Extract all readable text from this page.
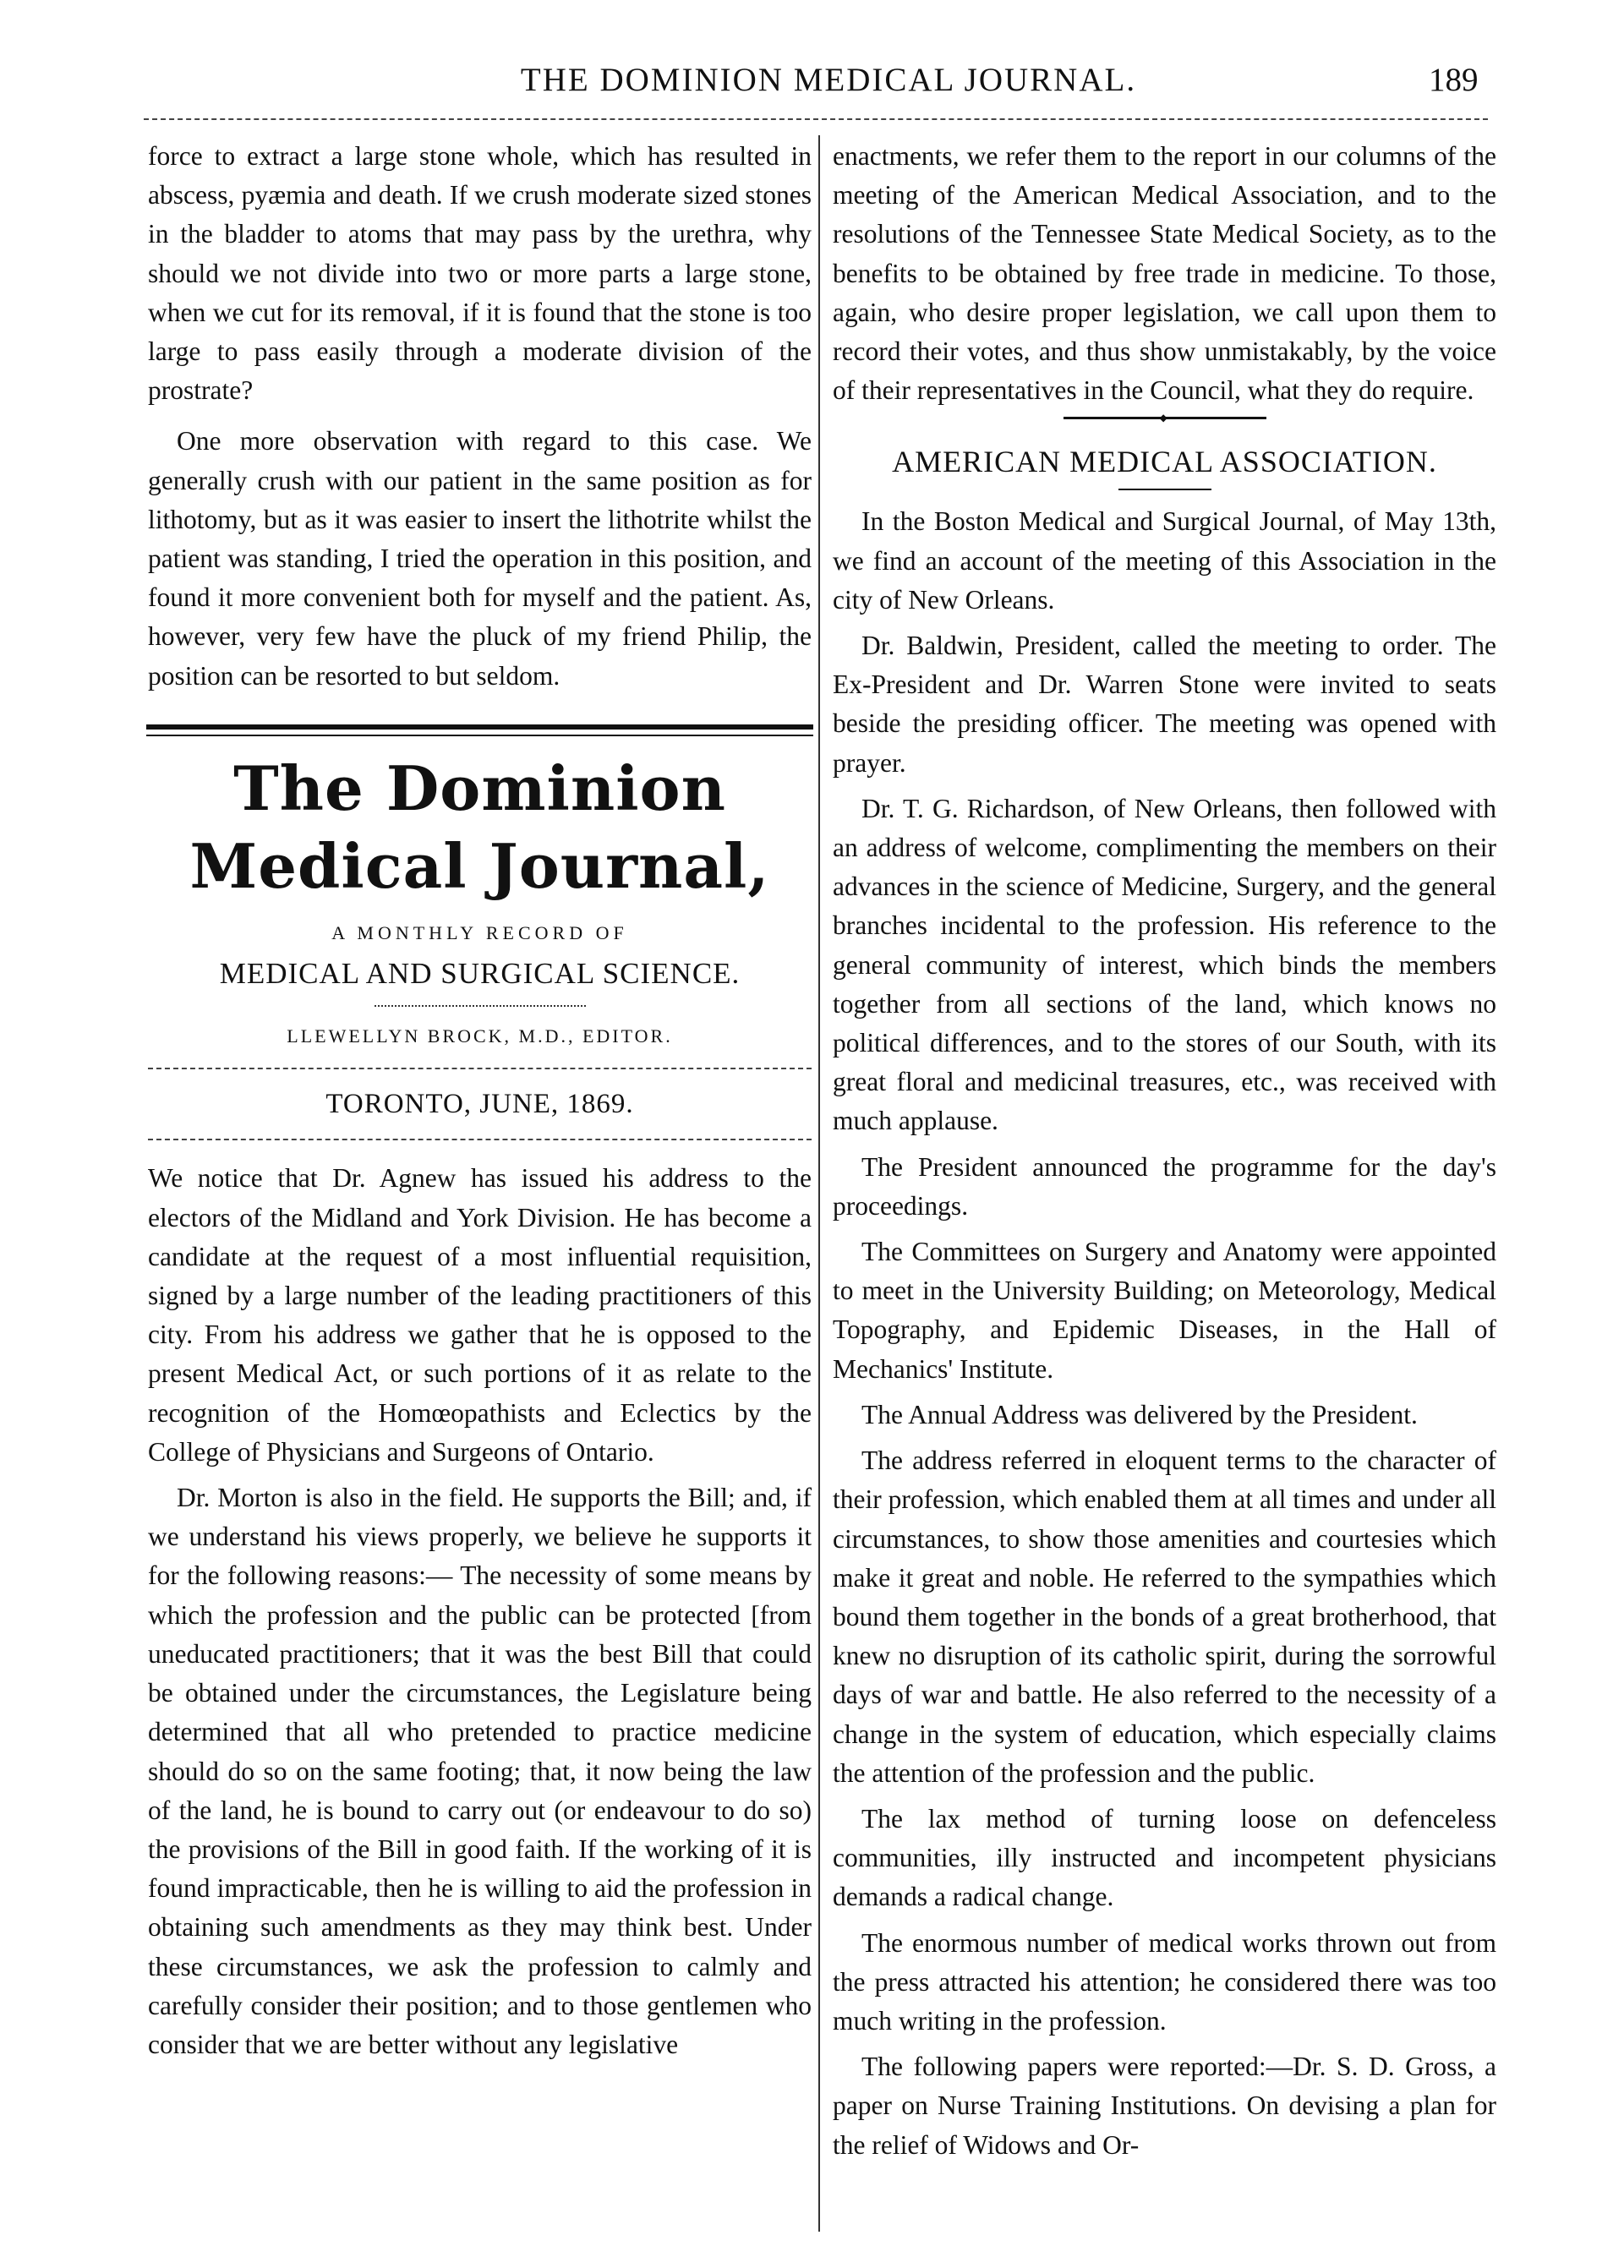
THE DOMINION MEDICAL JOURNAL.	189

force to extract a large stone whole, which has resulted in abscess, pyæmia and death. If we crush moderate sized stones in the bladder to atoms that may pass by the urethra, why should we not divide into two or more parts a large stone, when we cut for its removal, if it is found that the stone is too large to pass easily through a moderate division of the prostrate?

One more observation with regard to this case. We generally crush with our patient in the same position as for lithotomy, but as it was easier to insert the lithotrite whilst the patient was standing, I tried the operation in this position, and found it more convenient both for myself and the patient. As, however, very few have the pluck of my friend Philip, the position can be resorted to but seldom.

The Dominion Medical Journal,
A MONTHLY RECORD OF
MEDICAL AND SURGICAL SCIENCE.
LLEWELLYN BROCK, M.D., EDITOR.
TORONTO, JUNE, 1869.

We notice that Dr. Agnew has issued his address to the electors of the Midland and York Division. He has become a candidate at the request of a most influential requisition, signed by a large number of the leading practitioners of this city. From his address we gather that he is opposed to the present Medical Act, or such portions of it as relate to the recognition of the Homœopathists and Eclectics by the College of Physicians and Surgeons of Ontario.

Dr. Morton is also in the field. He supports the Bill; and, if we understand his views properly, we believe he supports it for the following reasons:— The necessity of some means by which the profession and the public can be protected [from uneducated practitioners; that it was the best Bill that could be obtained under the circumstances, the Legislature being determined that all who pretended to practice medicine should do so on the same footing; that, it now being the law of the land, he is bound to carry out (or endeavour to do so) the provisions of the Bill in good faith. If the working of it is found impracticable, then he is willing to aid the profession in obtaining such amendments as they may think best. Under these circumstances, we ask the profession to calmly and carefully consider their position; and to those gentlemen who consider that we are better without any legislative

enactments, we refer them to the report in our columns of the meeting of the American Medical Association, and to the resolutions of the Tennessee State Medical Society, as to the benefits to be obtained by free trade in medicine. To those, again, who desire proper legislation, we call upon them to record their votes, and thus show unmistakably, by the voice of their representatives in the Council, what they do require.

◆
AMERICAN MEDICAL ASSOCIATION.

In the Boston Medical and Surgical Journal, of May 13th, we find an account of the meeting of this Association in the city of New Orleans.

Dr. Baldwin, President, called the meeting to order. The Ex-President and Dr. Warren Stone were invited to seats beside the presiding officer. The meeting was opened with prayer.

Dr. T. G. Richardson, of New Orleans, then followed with an address of welcome, complimenting the members on their advances in the science of Medicine, Surgery, and the general branches incidental to the profession. His reference to the general community of interest, which binds the members together from all sections of the land, which knows no political differences, and to the stores of our South, with its great floral and medicinal treasures, etc., was received with much applause.

The President announced the programme for the day's proceedings.

The Committees on Surgery and Anatomy were appointed to meet in the University Building; on Meteorology, Medical Topography, and Epidemic Diseases, in the Hall of Mechanics' Institute.

The Annual Address was delivered by the President.

The address referred in eloquent terms to the character of their profession, which enabled them at all times and under all circumstances, to show those amenities and courtesies which make it great and noble. He referred to the sympathies which bound them together in the bonds of a great brotherhood, that knew no disruption of its catholic spirit, during the sorrowful days of war and battle. He also referred to the necessity of a change in the system of education, which especially claims the attention of the profession and the public.

The lax method of turning loose on defenceless communities, illy instructed and incompetent physicians demands a radical change.

The enormous number of medical works thrown out from the press attracted his attention; he considered there was too much writing in the profession.

The following papers were reported:—Dr. S. D. Gross, a paper on Nurse Training Institutions. On devising a plan for the relief of Widows and Or-
